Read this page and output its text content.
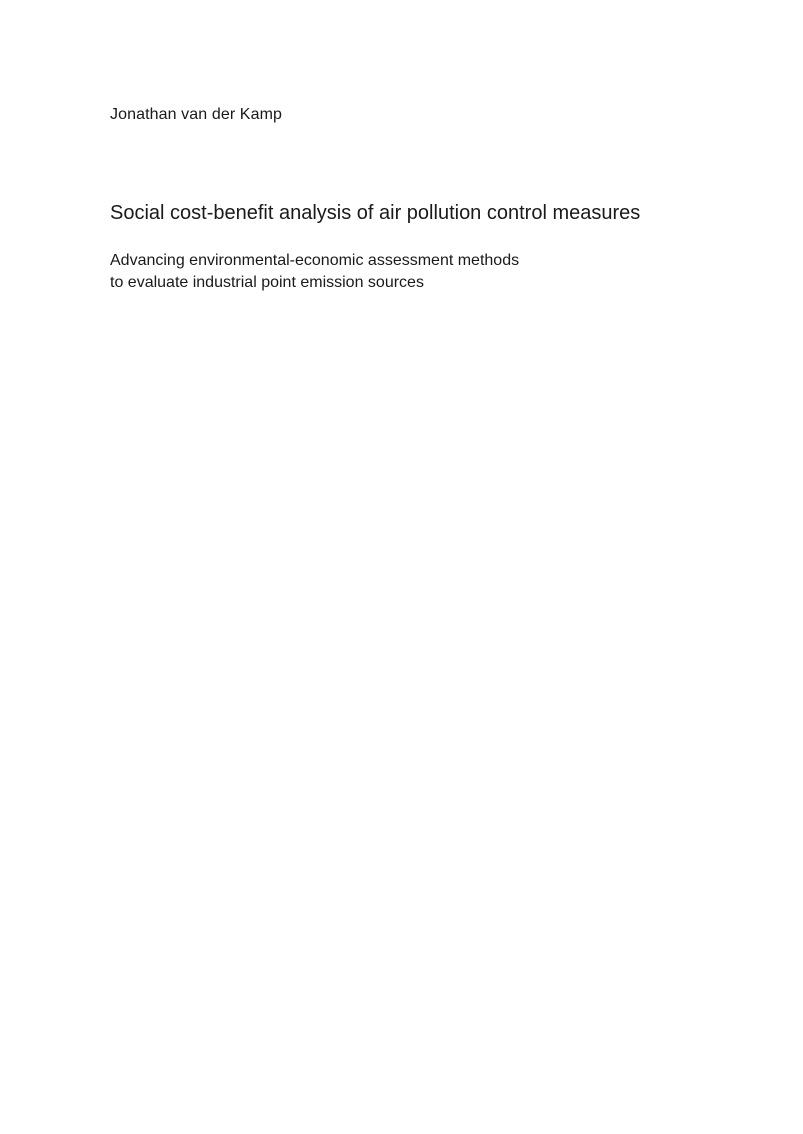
Jonathan van der Kamp
Social cost-benefit analysis of air pollution control measures
Advancing environmental-economic assessment methods
to evaluate industrial point emission sources
